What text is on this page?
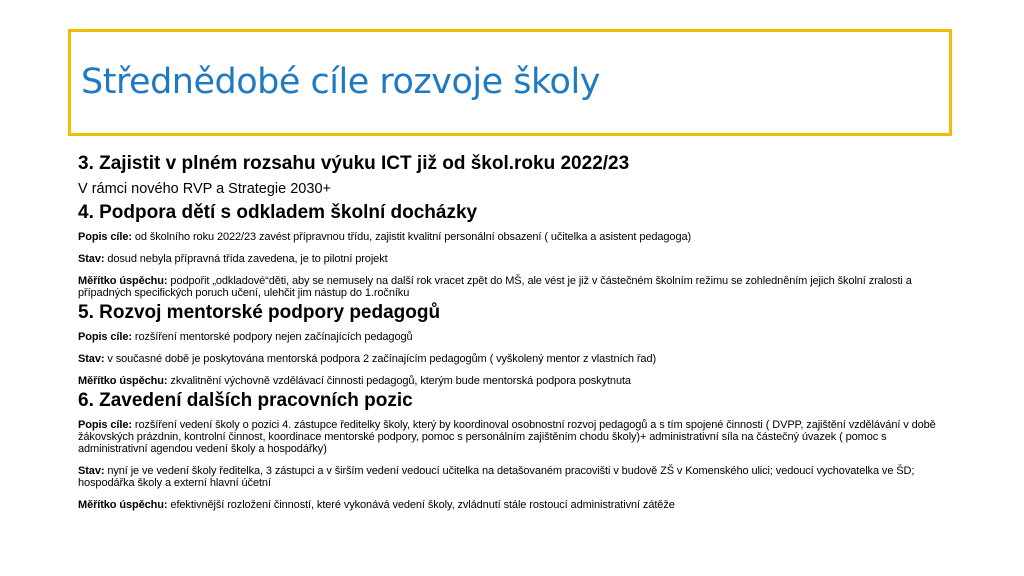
Střednědobé cíle rozvoje školy

3. Zajistit v plném rozsahu výuku ICT již od škol.roku 2022/23

V rámci nového RVP a Strategie 2030+

4. Podpora dětí s odkladem školní docházky

Popis cíle: od školního roku 2022/23 zavést přípravnou třídu, zajistit kvalitní personální obsazení ( učitelka a asistent pedagoga)

Stav: dosud nebyla přípravná třída zavedena, je to pilotní projekt

Měřítko úspěchu: podpořit „odkladové“děti, aby se nemusely na další rok vracet zpět do MŠ, ale vést je již v částečném školním režimu se zohledněním jejich školní zralosti a případných specifických poruch učení, ulehčit jim nástup do 1.ročníku

5. Rozvoj mentorské podpory pedagogů

Popis cíle: rozšíření mentorské podpory nejen začínajících pedagogů

Stav: v současné době je poskytována mentorská podpora 2 začínajícím pedagogům ( vyškolený mentor z vlastních řad)

Měřítko úspěchu: zkvalitnění výchovně vzdělávací činnosti pedagogů, kterým bude mentorská podpora poskytnuta

6. Zavedení dalších pracovních pozic

Popis cíle: rozšíření vedení školy o pozici 4. zástupce ředitelky školy, který by koordinoval osobnostní rozvoj pedagogů a s tím spojené činnosti ( DVPP, zajištění vzdělávání v době žákovských prázdnin, kontrolní činnost, koordinace mentorské podpory, pomoc s personálním zajištěním chodu školy)+ administrativní síla na částečný úvazek ( pomoc s administrativní agendou vedení školy a hospodářky)

Stav: nyní je ve vedení školy ředitelka, 3 zástupci a v širším vedení vedoucí učitelka na detašovaném pracovišti v budově ZŠ v Komenského ulici; vedoucí vychovatelka ve ŠD; hospodářka školy a externí hlavní účetní

Měřítko úspěchu: efektivnější rozložení činností, které vykonává vedení školy, zvládnutí stále rostoucí administrativní zátěže
